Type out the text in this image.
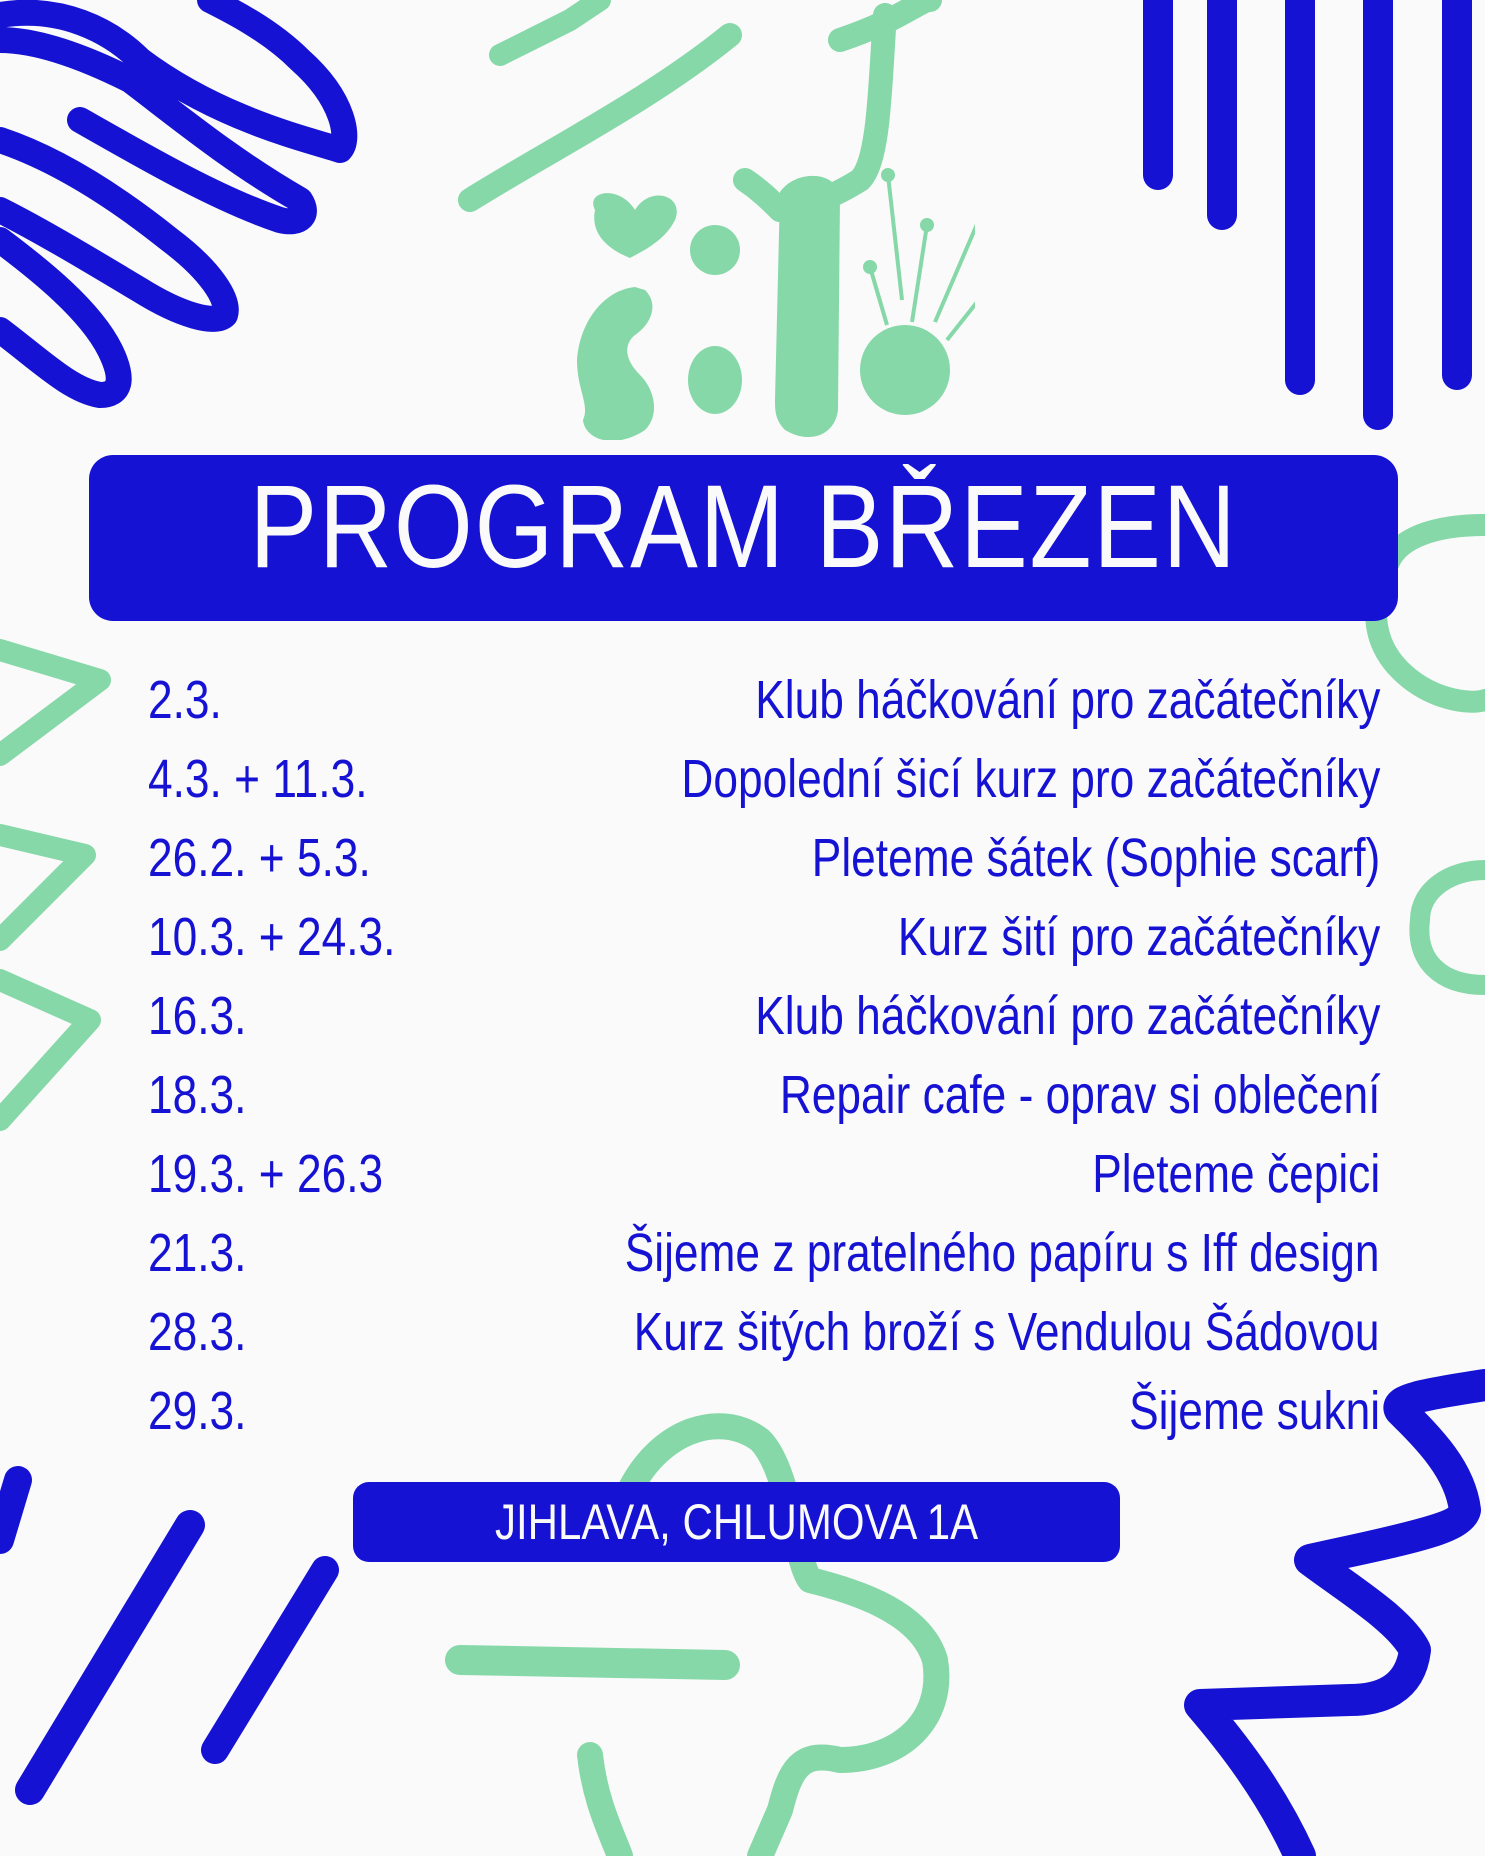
PROGRAM BŘEZEN
2.3.	Klub háčkování pro začátečníky
4.3. + 11.3.	Dopolední šicí kurz pro začátečníky
26.2. + 5.3.	Pleteme šátek (Sophie scarf)
10.3. + 24.3.	Kurz šití pro začátečníky
16.3.	Klub háčkování pro začátečníky
18.3.	Repair cafe - oprav si oblečení
19.3. + 26.3	Pleteme čepici
21.3.	Šijeme z pratelného papíru s Iff design
28.3.	Kurz šitých broží s Vendulou Šádovou
29.3.	Šijeme sukni
JIHLAVA, CHLUMOVA 1A
